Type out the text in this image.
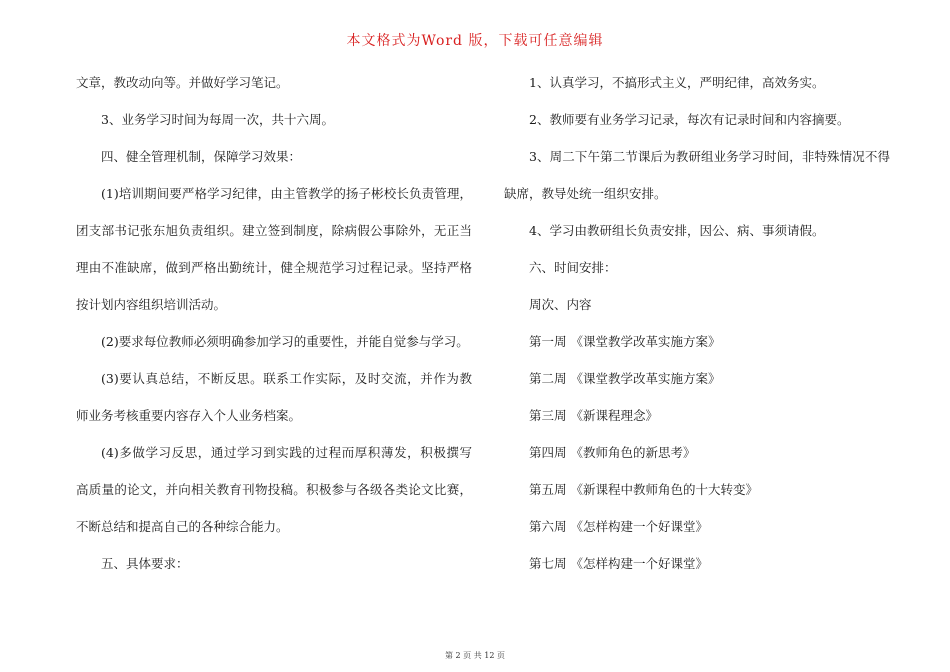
本文格式为Word 版，下载可任意编辑
文章，教改动向等。并做好学习笔记。
3、业务学习时间为每周一次，共十六周。
四、健全管理机制，保障学习效果：
(1)培训期间要严格学习纪律，由主管教学的扬子彬校长负责管理，
团支部书记张东旭负责组织。建立签到制度，除病假公事除外，无正当
理由不准缺席，做到严格出勤统计，健全规范学习过程记录。坚持严格
按计划内容组织培训活动。
(2)要求每位教师必须明确参加学习的重要性，并能自觉参与学习。
(3)要认真总结，不断反思。联系工作实际，及时交流，并作为教
师业务考核重要内容存入个人业务档案。
(4)多做学习反思，通过学习到实践的过程而厚积薄发，积极撰写
高质量的论文，并向相关教育刊物投稿。积极参与各级各类论文比赛，
不断总结和提高自己的各种综合能力。
五、具体要求：
1、认真学习，不搞形式主义，严明纪律，高效务实。
2、教师要有业务学习记录，每次有记录时间和内容摘要。
3、周二下午第二节课后为教研组业务学习时间，非特殊情况不得
缺席，教导处统一组织安排。
4、学习由教研组长负责安排，因公、病、事须请假。
六、时间安排：
周次、内容
第一周 《课堂教学改革实施方案》
第二周 《课堂教学改革实施方案》
第三周 《新课程理念》
第四周 《教师角色的新思考》
第五周 《新课程中教师角色的十大转变》
第六周 《怎样构建一个好课堂》
第七周 《怎样构建一个好课堂》
第 2 页 共 12 页
